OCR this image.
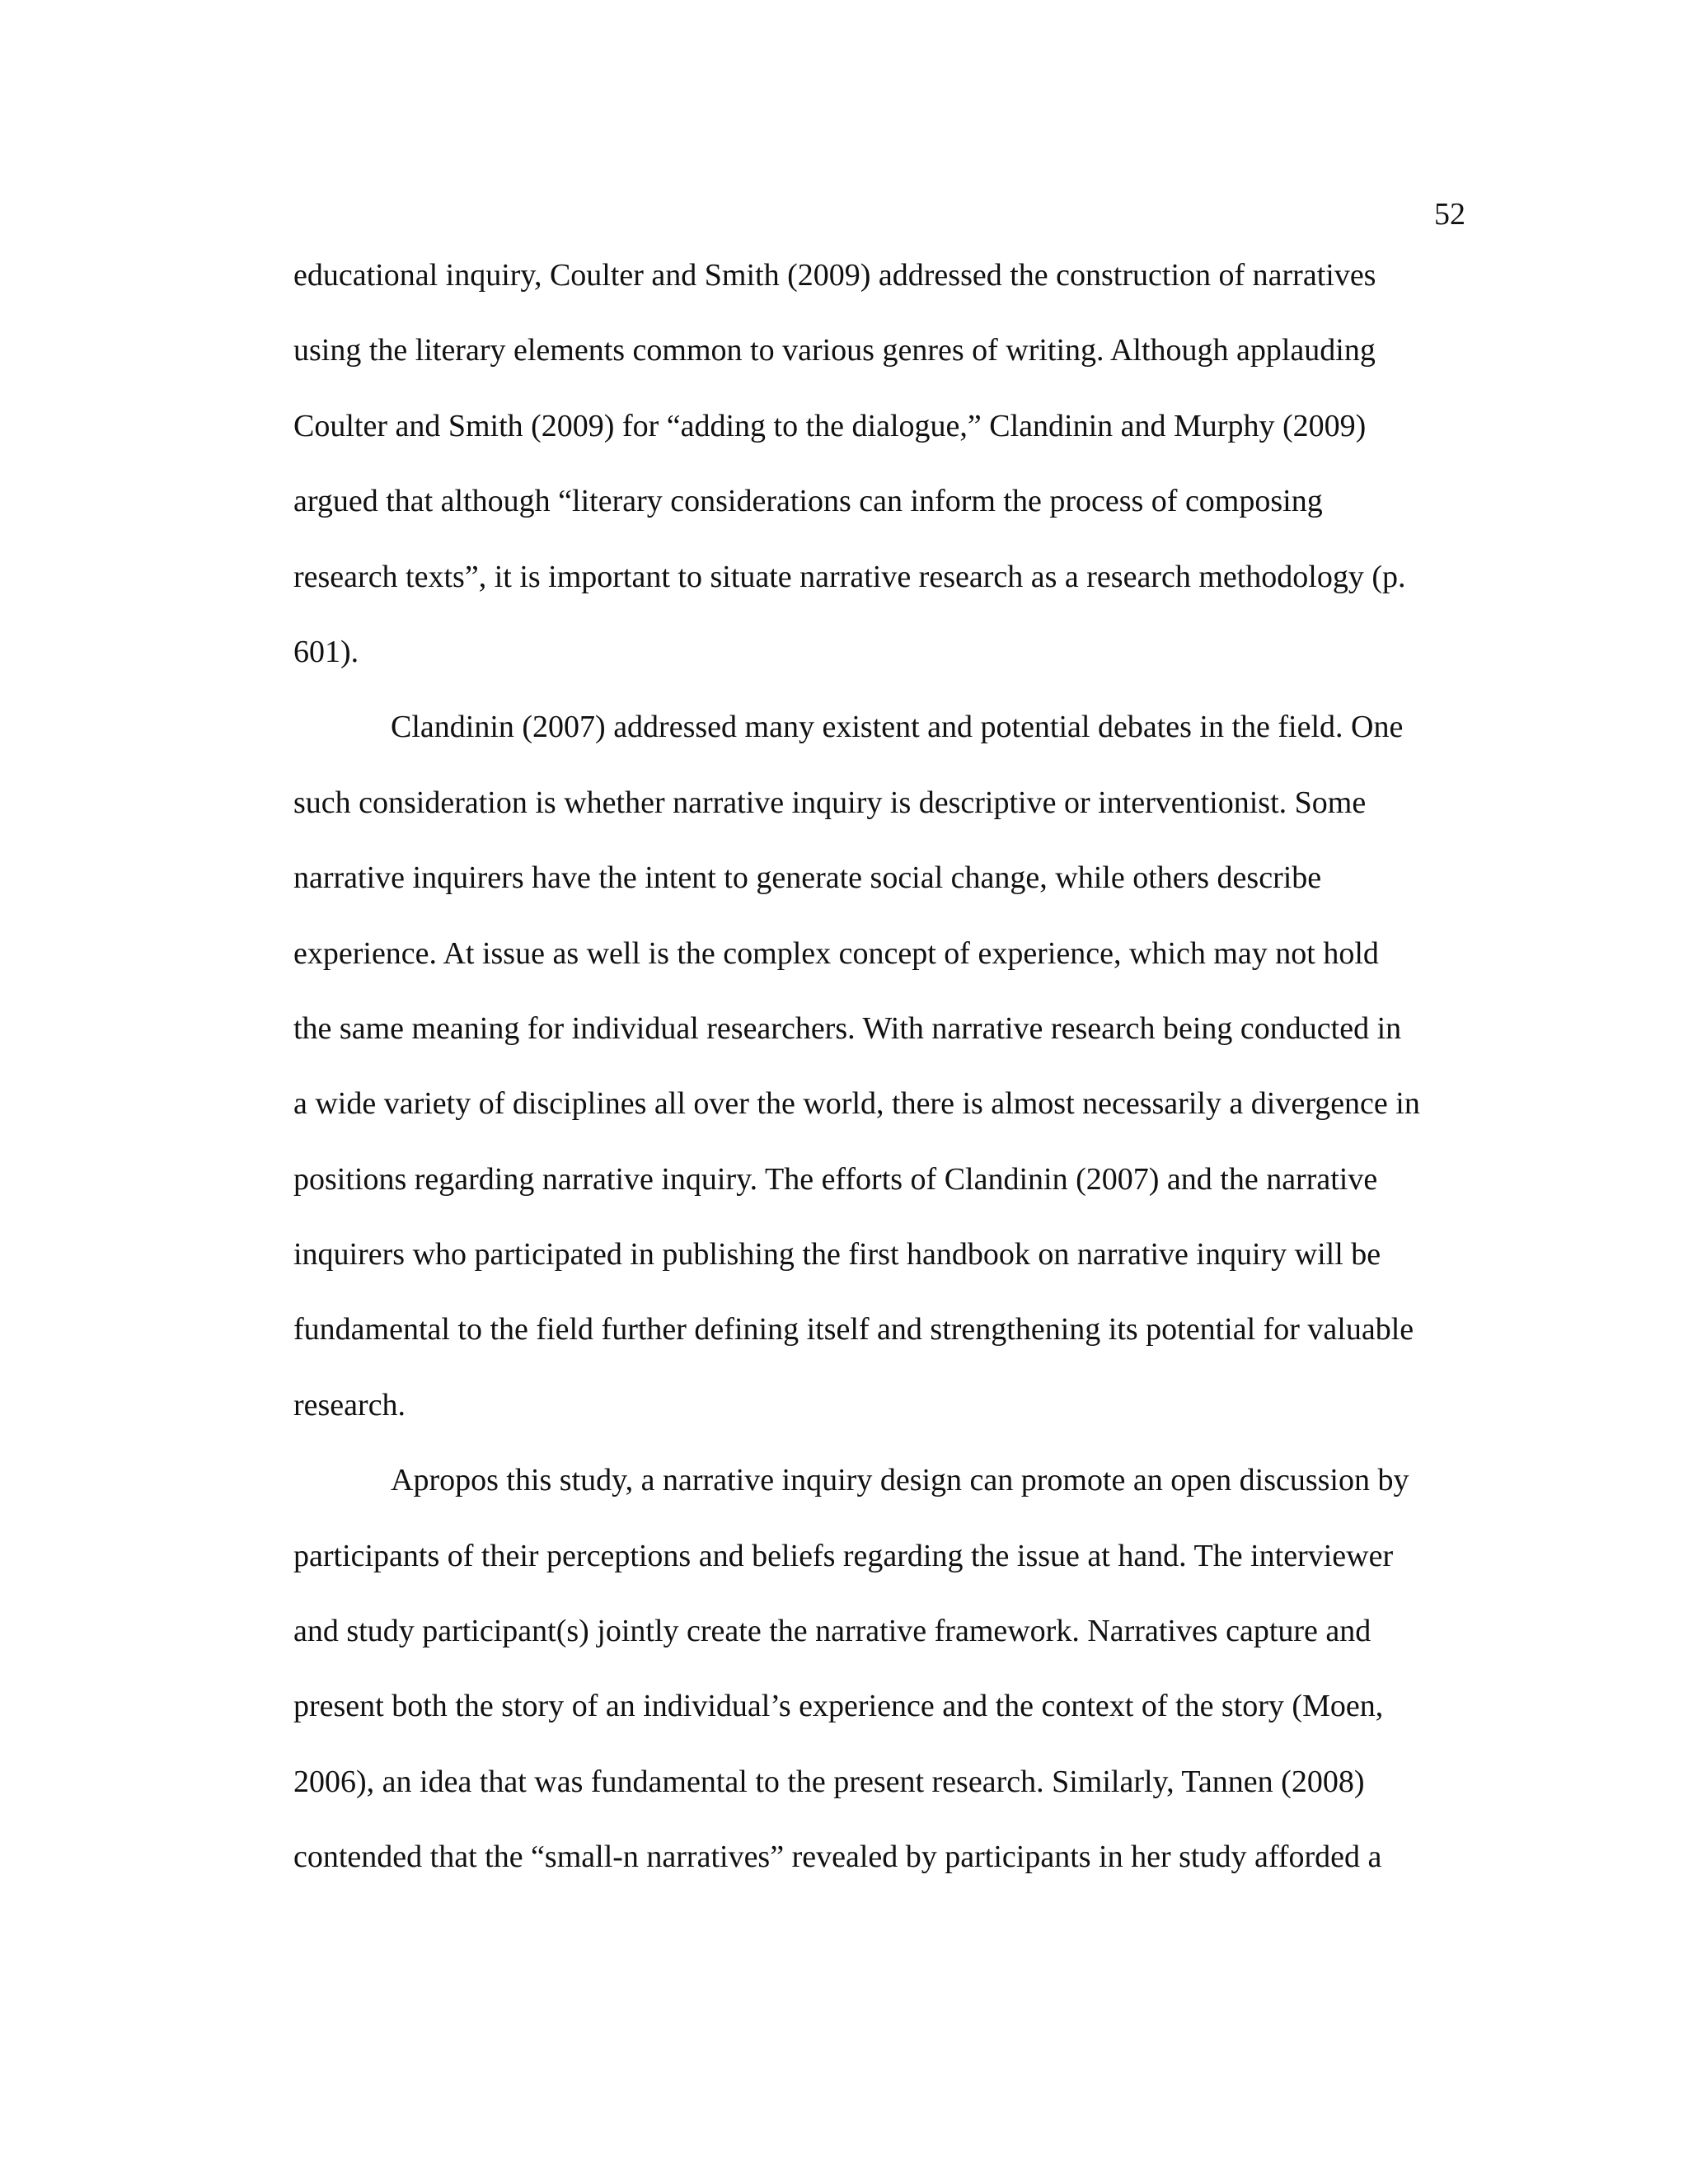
52
educational inquiry, Coulter and Smith (2009) addressed the construction of narratives
using the literary elements common to various genres of writing. Although applauding
Coulter and Smith (2009) for “adding to the dialogue,” Clandinin and Murphy (2009)
argued that although “literary considerations can inform the process of composing
research texts”, it is important to situate narrative research as a research methodology (p.
601).
Clandinin (2007) addressed many existent and potential debates in the field. One
such consideration is whether narrative inquiry is descriptive or interventionist. Some
narrative inquirers have the intent to generate social change, while others describe
experience. At issue as well is the complex concept of experience, which may not hold
the same meaning for individual researchers. With narrative research being conducted in
a wide variety of disciplines all over the world, there is almost necessarily a divergence in
positions regarding narrative inquiry. The efforts of Clandinin (2007) and the narrative
inquirers who participated in publishing the first handbook on narrative inquiry will be
fundamental to the field further defining itself and strengthening its potential for valuable
research.
Apropos this study, a narrative inquiry design can promote an open discussion by
participants of their perceptions and beliefs regarding the issue at hand. The interviewer
and study participant(s) jointly create the narrative framework. Narratives capture and
present both the story of an individual’s experience and the context of the story (Moen,
2006), an idea that was fundamental to the present research. Similarly, Tannen (2008)
contended that the “small-n narratives” revealed by participants in her study afforded a
